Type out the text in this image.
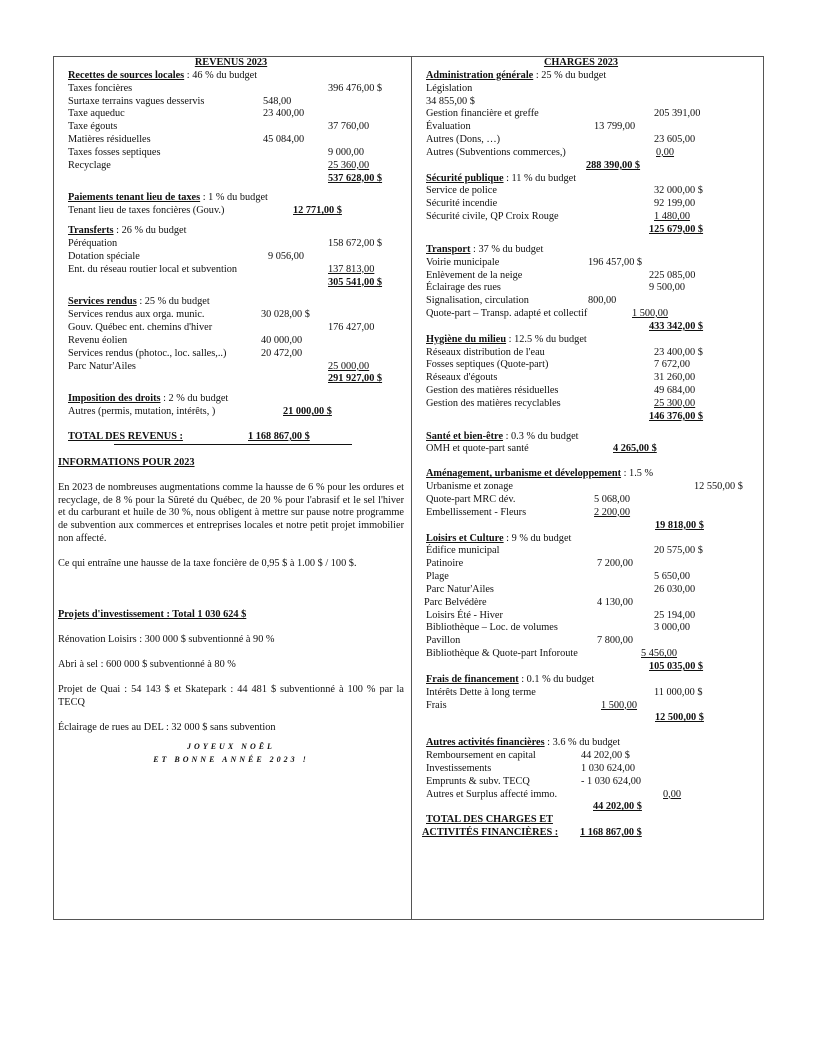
REVENUS 2023
Recettes de sources locales : 46 % du budget
Taxes foncières	396 476,00 $
Surtaxe terrains vagues desservis	548,00
Taxe aqueduc	23 400,00
Taxe égouts	37 760,00
Matières résiduelles	45 084,00
Taxes fosses septiques	9 000,00
Recyclage	25 360,00
537 628,00 $
Paiements tenant lieu de taxes : 1 % du budget
Tenant lieu de taxes foncières (Gouv.)	12 771,00 $
Transferts : 26 % du budget
Péréquation	158 672,00 $
Dotation spéciale	9 056,00
Ent. du réseau routier local et subvention	137 813,00
305 541,00 $
Services rendus : 25 % du budget
Services rendus aux orga. munic.	30 028,00 $
Gouv. Québec ent. chemins d'hiver	176 427,00
Revenu éolien	40 000,00
Services rendus (photoc., loc. salles,..)	20 472,00
Parc Natur'Ailes	25 000,00
291 927,00 $
Imposition des droits : 2 % du budget
Autres (permis, mutation, intérêts, )	21 000,00 $
TOTAL DES REVENUS :	1 168 867,00 $
INFORMATIONS POUR 2023
En 2023 de nombreuses augmentations comme la hausse de 6 % pour les ordures et recyclage, de 8 % pour la Sûreté du Québec, de 20 % pour l'abrasif et le sel l'hiver et du carburant et huile de 30 %, nous obligent à mettre sur pause notre programme de subvention aux commerces et entreprises locales et notre petit projet immobilier non affecté.
Ce qui entraîne une hausse de la taxe foncière de 0,95 $ à 1.00 $ / 100 $.
Projets d'investissement : Total 1 030 624 $
Rénovation Loisirs : 300 000 $ subventionné à 90 %
Abri à sel : 600 000 $ subventionné à 80 %
Projet de Quai : 54 143 $ et Skatepark : 44 481 $ subventionné à 100 % par la TECQ
Éclairage de rues au DEL : 32 000 $ sans subvention
JOYEUX NOËL
ET BONNE ANNÉE 2023 !
CHARGES 2023
Administration générale : 25 % du budget
Législation
34 855,00 $
Gestion financière et greffe	205 391,00
Évaluation	13 799,00
Autres (Dons, …)	23 605,00
Autres (Subventions commerces,)	0,00
288 390,00 $
Sécurité publique : 11 % du budget
Service de police	32 000,00 $
Sécurité incendie	92 199,00
Sécurité civile, QP Croix Rouge	1 480,00
125 679,00 $
Transport : 37 % du budget
Voirie municipale	196 457,00 $
Enlèvement de la neige	225 085,00
Éclairage des rues	9 500,00
Signalisation, circulation	800,00
Quote-part – Transp. adapté et collectif	1 500,00
433 342,00 $
Hygiène du milieu : 12.5 % du budget
Réseaux distribution de l'eau	23 400,00 $
Fosses septiques (Quote-part)	7 672,00
Réseaux d'égouts	31 260,00
Gestion des matières résiduelles	49 684,00
Gestion des matières recyclables	25 300,00
146 376,00 $
Santé et bien-être : 0.3 % du budget
OMH et quote-part santé	4 265,00 $
Aménagement, urbanisme et développement : 1.5 %
Urbanisme et zonage	12 550,00 $
Quote-part MRC dév.	5 068,00
Embellissement - Fleurs	2 200,00
19 818,00 $
Loisirs et Culture : 9 % du budget
Édifice municipal	20 575,00 $
Patinoire	7 200,00
Plage	5 650,00
Parc Natur'Ailes	26 030,00
Parc Belvédère	4 130,00
Loisirs Été - Hiver	25 194,00
Bibliothèque – Loc. de volumes	3 000,00
Pavillon	7 800,00
Bibliothèque & Quote-part Inforoute	5 456,00
105 035,00 $
Frais de financement : 0.1 % du budget
Intérêts Dette à long terme	11 000,00 $
Frais	1 500,00
12 500,00 $
Autres activités financières : 3.6 % du budget
Remboursement en capital	44 202,00 $
Investissements	1 030 624,00
Emprunts & subv. TECQ	- 1 030 624,00
Autres et Surplus affecté immo.	0,00
44 202,00 $
TOTAL DES CHARGES ET
ACTIVITÉS FINANCIÈRES : 1 168 867,00 $
